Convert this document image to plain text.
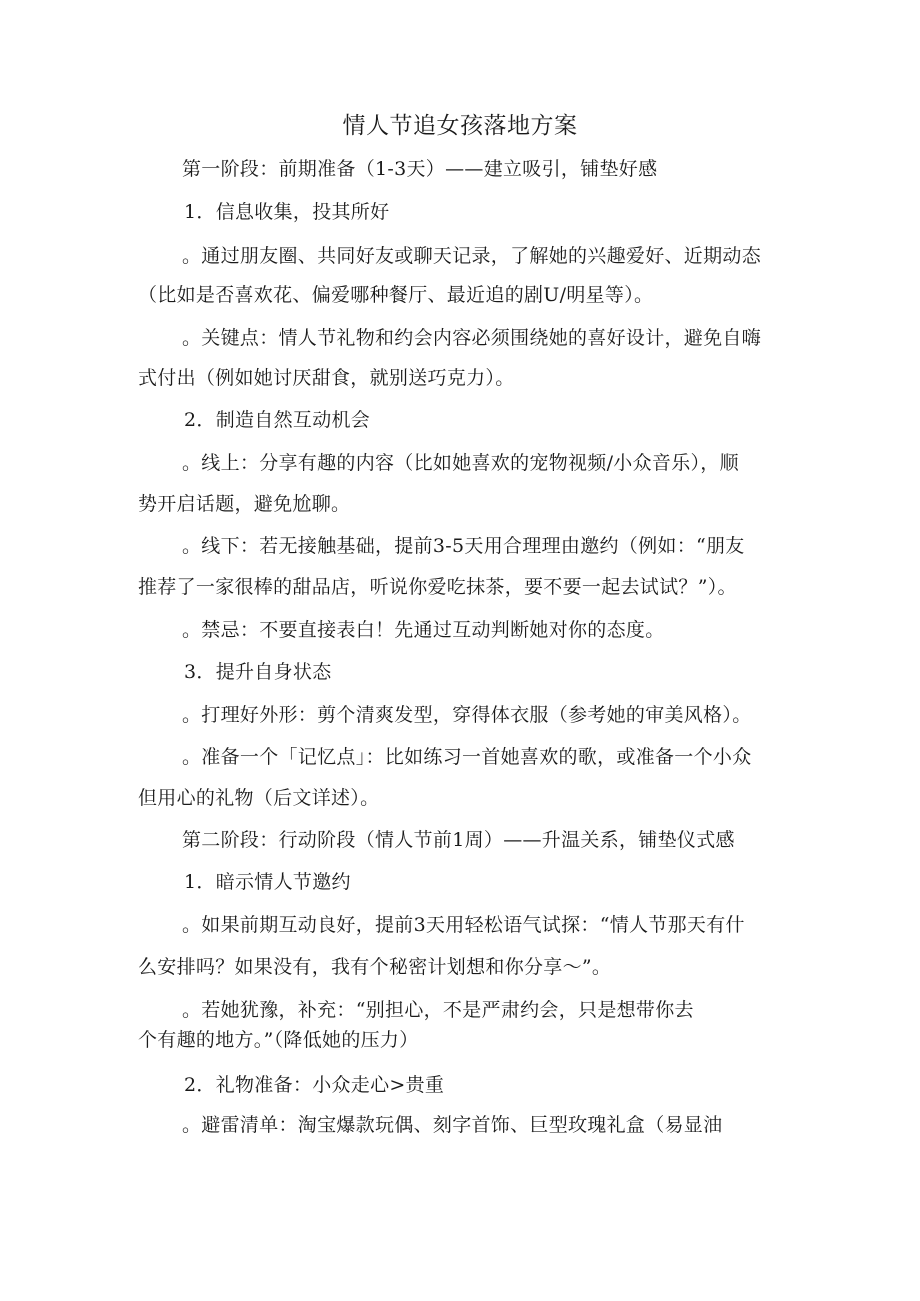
情人节追女孩落地方案
第一阶段：前期准备（1-3天）——建立吸引，铺垫好感
1．信息收集，投其所好
。通过朋友圈、共同好友或聊天记录，了解她的兴趣爱好、近期动态
（比如是否喜欢花、偏爱哪种餐厅、最近追的剧U/明星等）。
。关键点：情人节礼物和约会内容必须围绕她的喜好设计，避免自嗨
式付出（例如她讨厌甜食，就别送巧克力）。
2．制造自然互动机会
。线上：分享有趣的内容（比如她喜欢的宠物视频/小众音乐），顺
势开启话题，避免尬聊。
。线下：若无接触基础，提前3-5天用合理理由邀约（例如：“朋友
推荐了一家很棒的甜品店，听说你爱吃抹茶，要不要一起去试试？”）。
。禁忌：不要直接表白！先通过互动判断她对你的态度。
3．提升自身状态
。打理好外形：剪个清爽发型，穿得体衣服（参考她的审美风格）。
。准备一个「记忆点」：比如练习一首她喜欢的歌，或准备一个小众
但用心的礼物（后文详述）。
第二阶段：行动阶段（情人节前1周）——升温关系，铺垫仪式感
1．暗示情人节邀约
。如果前期互动良好，提前3天用轻松语气试探：“情人节那天有什
么安排吗？如果没有，我有个秘密计划想和你分享～”。
。若她犹豫，补充：“别担心，不是严肃约会，只是想带你去
个有趣的地方。”（降低她的压力）
2．礼物准备：小众走心>贵重
。避雷清单：淘宝爆款玩偶、刻字首饰、巨型玫瑰礼盒（易显油
